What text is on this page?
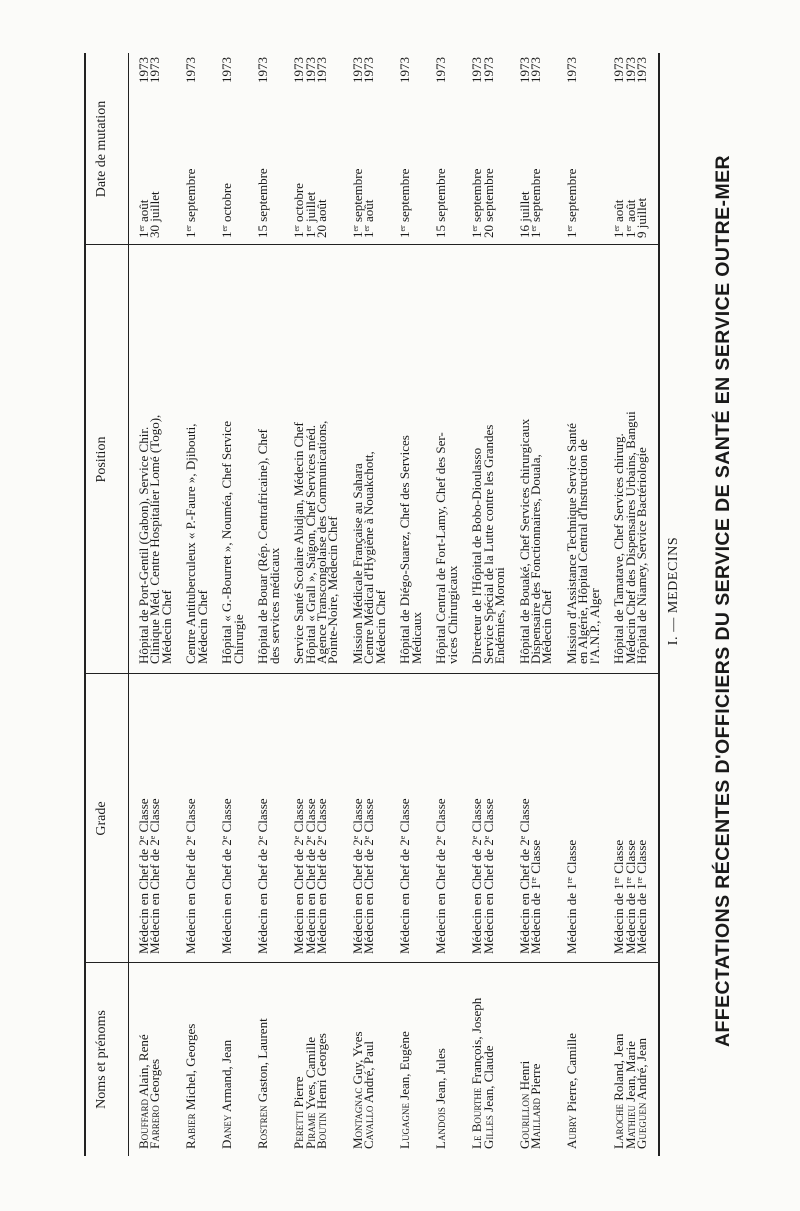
AFFECTATIONS RÉCENTES D'OFFICIERS DU SERVICE DE SANTÉ EN SERVICE OUTRE-MER
I. — MEDECINS
Noms et prénoms
Grade
Position
Date de mutation
Bouffard Alain, René
Médecin en Chef de 2e Classe
1er août
1973
Hôpital de Port-Gentil (Gabon), Service Chir.
Farrero Georges
Médecin en Chef de 2e Classe
30 juillet
1973
Clinique Méd. Centre Hospitalier Lomé (Togo),
Médecin Chef
Rabier Michel, Georges
Médecin en Chef de 2e Classe
1er septembre
1973
Centre Antituberculeux « P.-Faure », Djibouti,
Médecin Chef
Daney Armand, Jean
Médecin en Chef de 2e Classe
1er octobre
1973
Hôpital « G.-Bourret », Nouméa, Chef Service
Chirurgie
Rostren Gaston, Laurent
Médecin en Chef de 2e Classe
15 septembre
1973
Hôpital de Bouar (Rép. Centrafricaine), Chef
des services médicaux
Peretti Pierre
Médecin en Chef de 2e Classe
1er octobre
1973
Service Santé Scolaire Abidjan, Médecin Chef
Pirame Yves, Camille
Médecin en Chef de 2e Classe
1er juillet
1973
Hôpital « Grall », Saïgon, Chef Services méd.
Boutin Henri Georges
Médecin en Chef de 2e Classe
20 août
1973
Agence Transcongolaise des Communications,
Pointe-Noire, Médecin Chef
Montagnac Guy, Yves
Médecin en Chef de 2e Classe
1er septembre
1973
Mission Médicale Française au Sahara
Cavallo André, Paul
Médecin en Chef de 2e Classe
1er août
1973
Centre Médical d'Hygiène à Nouakchott,
Médecin Chef
Lugagne Jean, Eugène
Médecin en Chef de 2e Classe
1er septembre
1973
Hôpital de Diégo-Suarez, Chef des Services
Médicaux
Landois Jean, Jules
Médecin en Chef de 2e Classe
15 septembre
1973
Hôpital Central de Fort-Lamy, Chef des Ser-
vices Chirurgicaux
Le Bourthe François, Joseph
Médecin en Chef de 2e Classe
1er septembre
1973
Directeur de l'Hôpital de Bobo-Dioulasso
Gilles Jean, Claude
Médecin en Chef de 2e Classe
20 septembre
1973
Service Spécial de la Lutte contre les Grandes
Endémies, Moroni
Gourillon Henri
Médecin en Chef de 2e Classe
16 juillet
1973
Hôpital de Bouaké, Chef Services chirurgicaux
Maillard Pierre
Médecin de 1re Classe
1er septembre
1973
Dispensaire des Fonctionnaires, Douala,
Médecin Chef
Aubry Pierre, Camille
Médecin de 1re Classe
1er septembre
1973
Mission d'Assistance Technique Service Santé
en Algérie, Hôpital Central d'Instruction de
l'A.N.P., Alger
Laroche Roland, Jean
Médecin de 1re Classe
1er août
1973
Hôpital de Tamatave, Chef Services chirurg.
Mathieu Jean, Marie
Médecin de 1re Classe
1er août
1973
Médecin Chef des Dispensaires Urbains, Bangui
Gueguen André, Jean
Médecin de 1re Classe
9 juillet
1973
Hôpital de Niamey, Service Bactériologie
